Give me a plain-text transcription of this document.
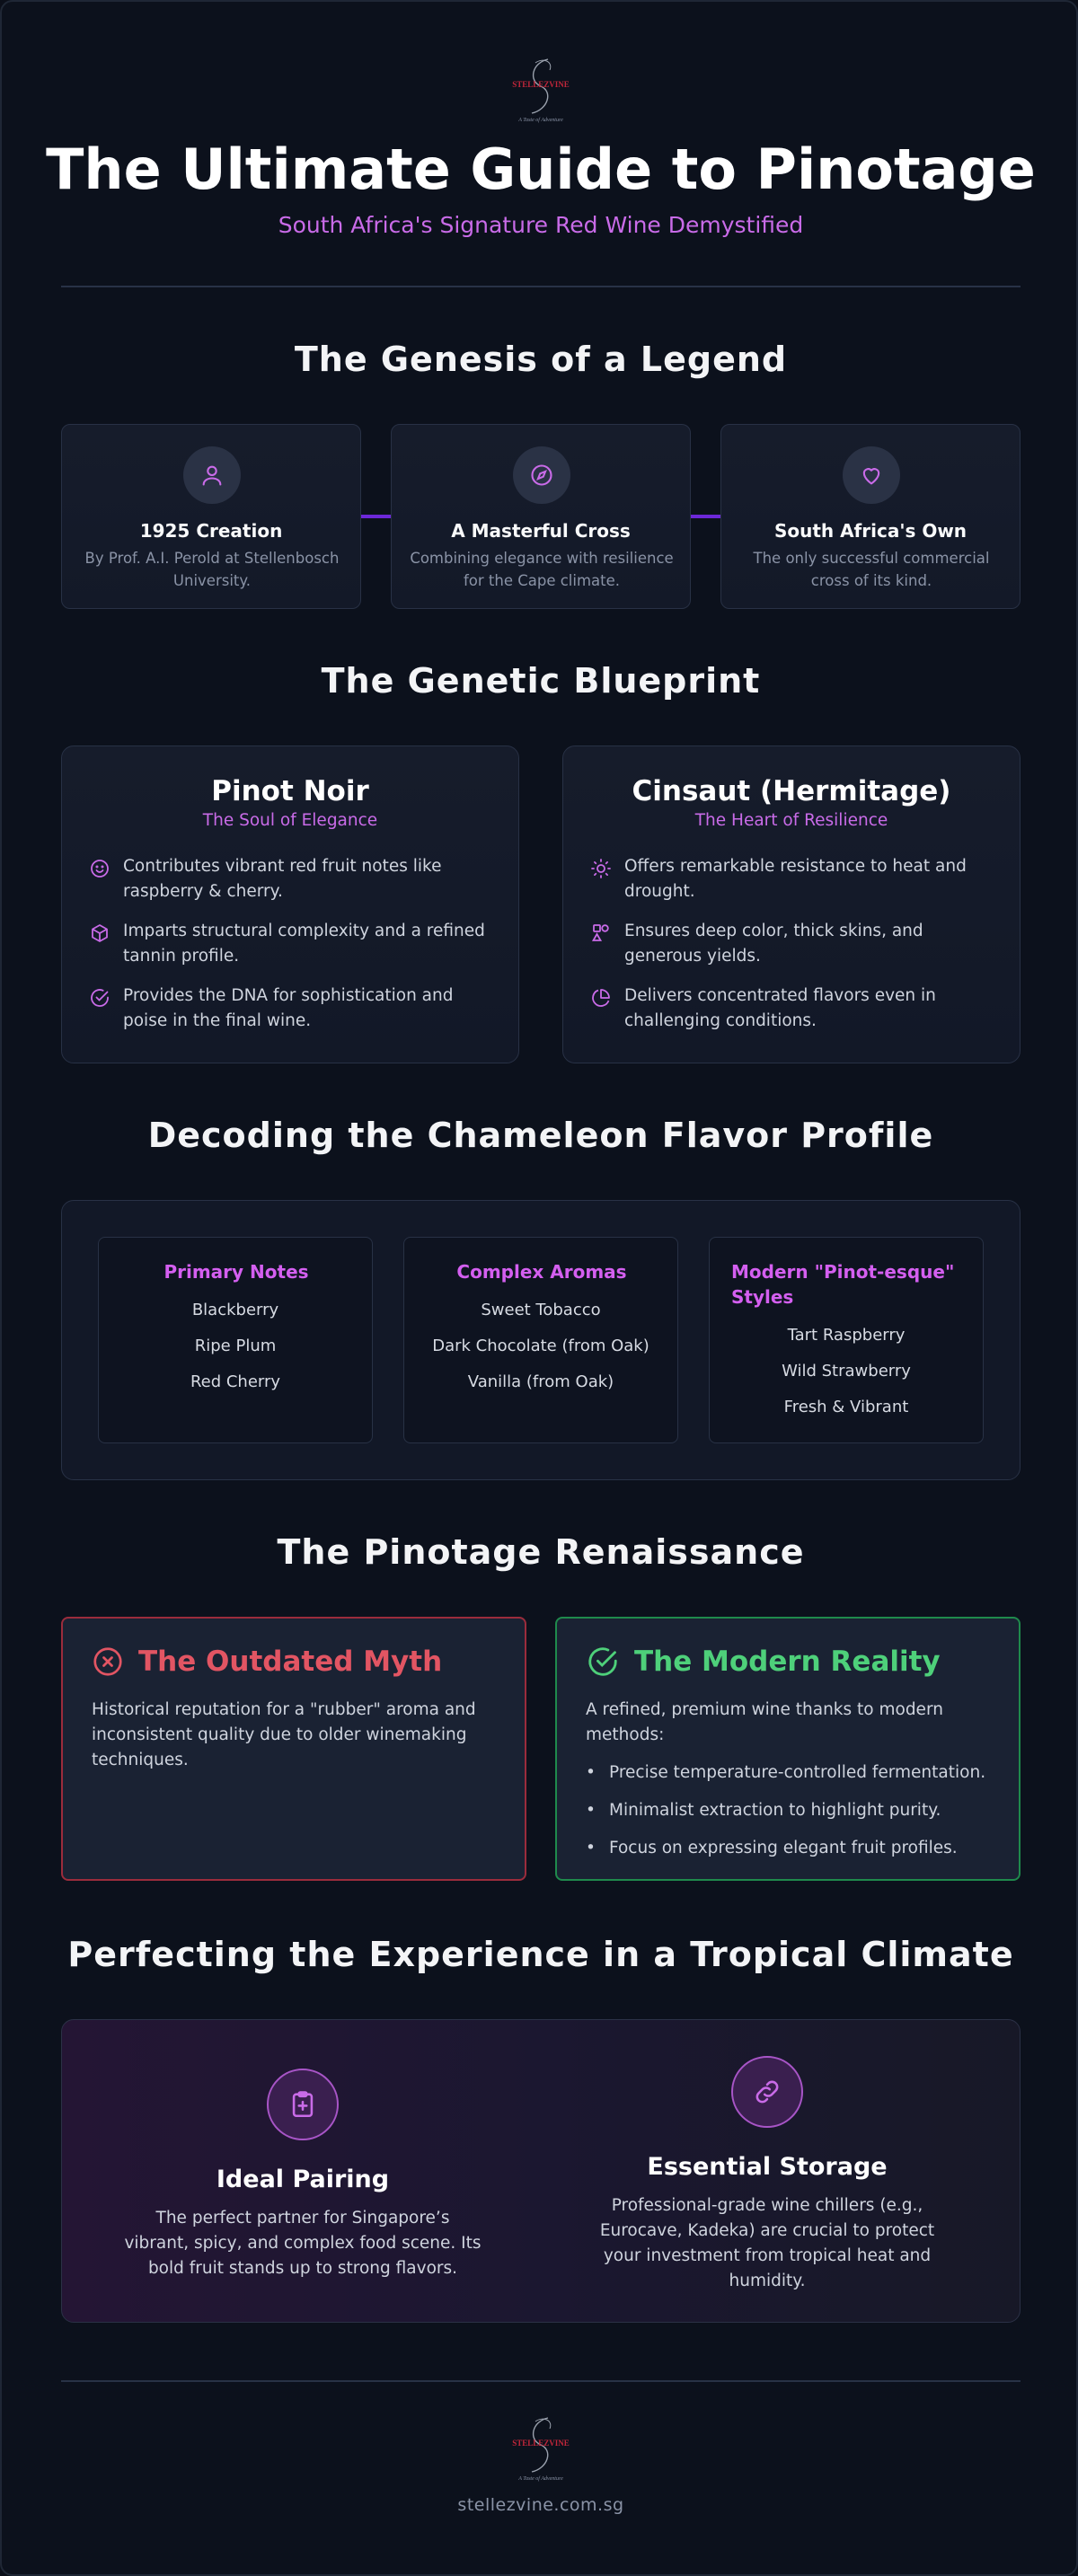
STELLEZVINE
A Taste of Adventure
The Ultimate Guide to Pinotage
South Africa's Signature Red Wine Demystified
The Genesis of a Legend
1925 Creation
By Prof. A.I. Perold at Stellenbosch University.
A Masterful Cross
Combining elegance with resilience for the Cape climate.
South Africa's Own
The only successful commercial cross of its kind.
The Genetic Blueprint
Pinot Noir
The Soul of Elegance
Contributes vibrant red fruit notes like raspberry & cherry.
Imparts structural complexity and a refined tannin profile.
Provides the DNA for sophistication and poise in the final wine.
Cinsaut (Hermitage)
The Heart of Resilience
Offers remarkable resistance to heat and drought.
Ensures deep color, thick skins, and generous yields.
Delivers concentrated flavors even in challenging conditions.
Decoding the Chameleon Flavor Profile
Primary Notes
Blackberry
Ripe Plum
Red Cherry
Complex Aromas
Sweet Tobacco
Dark Chocolate (from Oak)
Vanilla (from Oak)
Modern "Pinot-esque" Styles
Tart Raspberry
Wild Strawberry
Fresh & Vibrant
The Pinotage Renaissance
The Outdated Myth
Historical reputation for a "rubber" aroma and inconsistent quality due to older winemaking techniques.
The Modern Reality
A refined, premium wine thanks to modern methods:
• Precise temperature-controlled fermentation.
• Minimalist extraction to highlight purity.
• Focus on expressing elegant fruit profiles.
Perfecting the Experience in a Tropical Climate
Ideal Pairing
The perfect partner for Singapore’s vibrant, spicy, and complex food scene. Its bold fruit stands up to strong flavors.
Essential Storage
Professional-grade wine chillers (e.g., Eurocave, Kadeka) are crucial to protect your investment from tropical heat and humidity.
STELLEZVINE
A Taste of Adventure
stellezvine.com.sg
